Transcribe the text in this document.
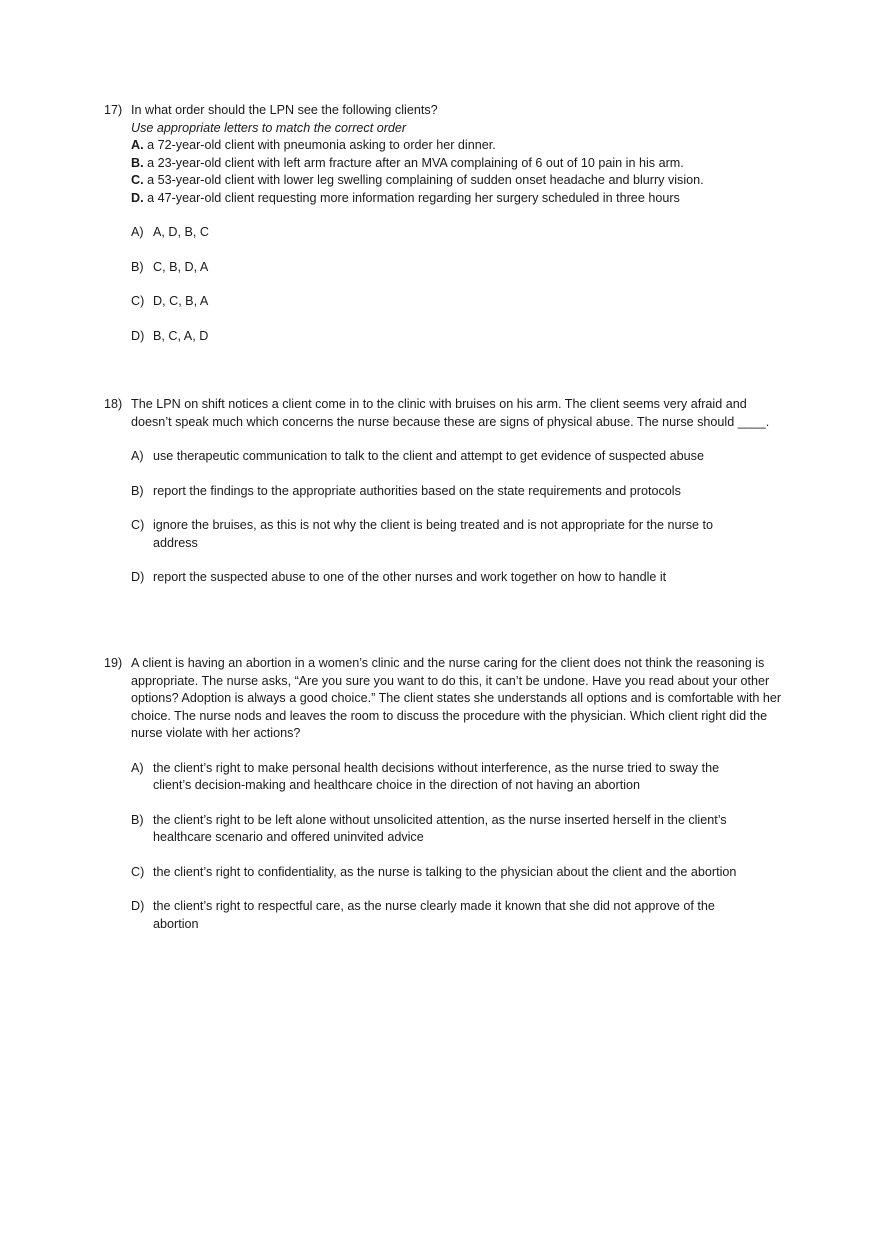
17) In what order should the LPN see the following clients?
Use appropriate letters to match the correct order
A. a 72-year-old client with pneumonia asking to order her dinner.
B. a 23-year-old client with left arm fracture after an MVA complaining of 6 out of 10 pain in his arm.
C. a 53-year-old client with lower leg swelling complaining of sudden onset headache and blurry vision.
D. a 47-year-old client requesting more information regarding her surgery scheduled in three hours
A) A, D, B, C
B) C, B, D, A
C) D, C, B, A
D) B, C, A, D
18) The LPN on shift notices a client come in to the clinic with bruises on his arm. The client seems very afraid and doesn’t speak much which concerns the nurse because these are signs of physical abuse. The nurse should ____.
A) use therapeutic communication to talk to the client and attempt to get evidence of suspected abuse
B) report the findings to the appropriate authorities based on the state requirements and protocols
C) ignore the bruises, as this is not why the client is being treated and is not appropriate for the nurse to address
D) report the suspected abuse to one of the other nurses and work together on how to handle it
19) A client is having an abortion in a women’s clinic and the nurse caring for the client does not think the reasoning is appropriate. The nurse asks, “Are you sure you want to do this, it can’t be undone. Have you read about your other options? Adoption is always a good choice.” The client states she understands all options and is comfortable with her choice. The nurse nods and leaves the room to discuss the procedure with the physician. Which client right did the nurse violate with her actions?
A) the client’s right to make personal health decisions without interference, as the nurse tried to sway the client’s decision-making and healthcare choice in the direction of not having an abortion
B) the client’s right to be left alone without unsolicited attention, as the nurse inserted herself in the client’s healthcare scenario and offered uninvited advice
C) the client’s right to confidentiality, as the nurse is talking to the physician about the client and the abortion
D) the client’s right to respectful care, as the nurse clearly made it known that she did not approve of the abortion
